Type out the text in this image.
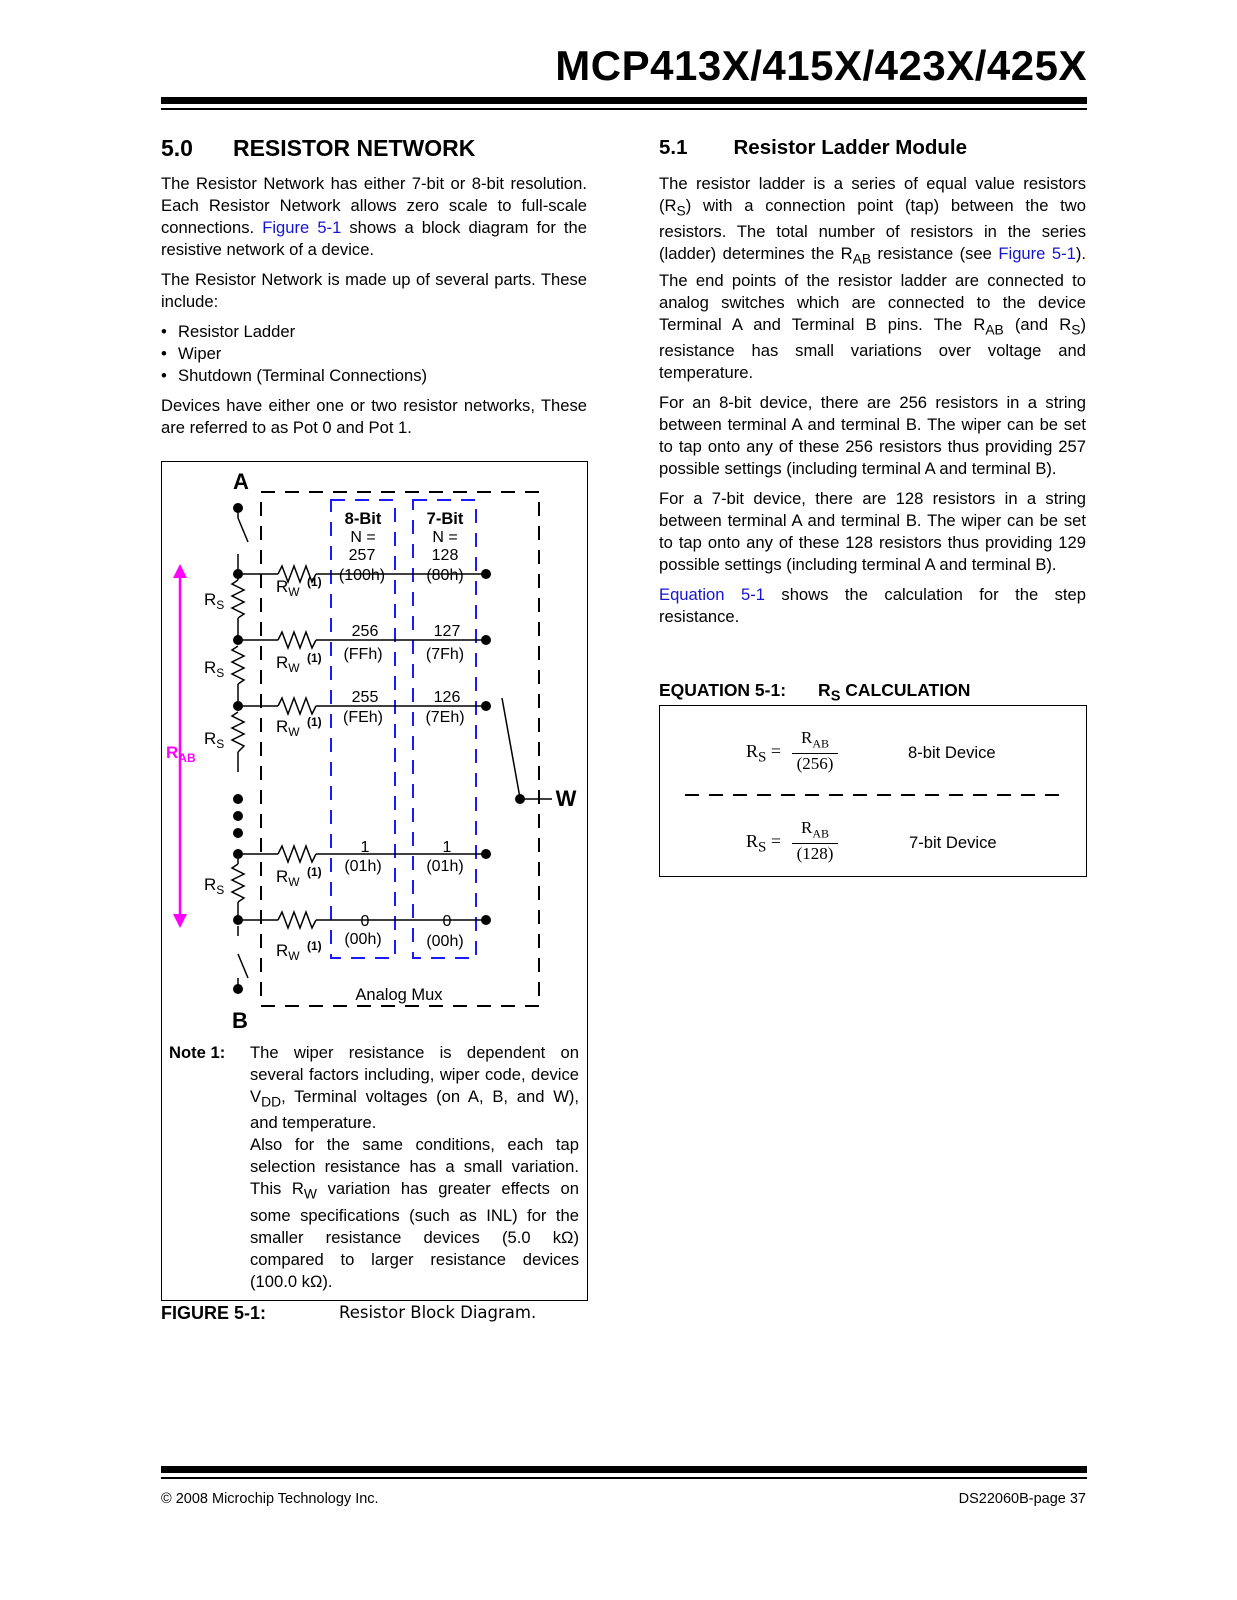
MCP413X/415X/423X/425X
5.0 RESISTOR NETWORK

The Resistor Network has either 7-bit or 8-bit resolution. Each Resistor Network allows zero scale to full-scale connections. Figure 5-1 shows a block diagram for the resistive network of a device.

The Resistor Network is made up of several parts. These include:

• Resistor Ladder
• Wiper
• Shutdown (Terminal Connections)

Devices have either one or two resistor networks, These are referred to as Pot 0 and Pot 1.

A
B
W
$R_{AB}$
$R_S$
$R_S$
$R_S$
$R_S$
$R_W$
(1)
$R_W$
(1)
$R_W$
(1)
$R_W$
(1)
$R_W$
(1)
8-Bit
N =
7-Bit
N =
257
(100h)
128
(80h)
256
(FFh)
127
(7Fh)
255
(FEh)
126
(7Eh)
1
(01h)
1
(01h)
0
(00h)
0
(00h)
Analog Mux
Note 1: The wiper resistance is dependent on several factors including, wiper code, device $V_{DD}$, Terminal voltages (on A, B, and W), and temperature.
Also for the same conditions, each tap selection resistance has a small variation. This $R_W$ variation has greater effects on some specifications (such as INL) for the smaller resistance devices (5.0 kΩ) compared to larger resistance devices (100.0 kΩ).
FIGURE 5-1:	Resistor Block Diagram.
5.1 Resistor Ladder Module

The resistor ladder is a series of equal value resistors $(R_S)$ with a connection point (tap) between the two resistors. The total number of resistors in the series (ladder) determines the $R_{AB}$ resistance (see Figure 5-1). The end points of the resistor ladder are connected to analog switches which are connected to the device Terminal A and Terminal B pins. The $R_{AB}$ (and $R_S$) resistance has small variations over voltage and temperature.

For an 8-bit device, there are 256 resistors in a string between terminal A and terminal B. The wiper can be set to tap onto any of these 256 resistors thus providing 257 possible settings (including terminal A and terminal B).

For a 7-bit device, there are 128 resistors in a string between terminal A and terminal B. The wiper can be set to tap onto any of these 128 resistors thus providing 129 possible settings (including terminal A and terminal B).

Equation 5-1 shows the calculation for the step resistance.

EQUATION 5-1: $R_S$ CALCULATION
$R_S$ =
$R_{AB}$
(256)
8-bit Device
$R_S$ =
$R_{AB}$
(128)
7-bit Device
© 2008 Microchip Technology Inc.	DS22060B-page 37
